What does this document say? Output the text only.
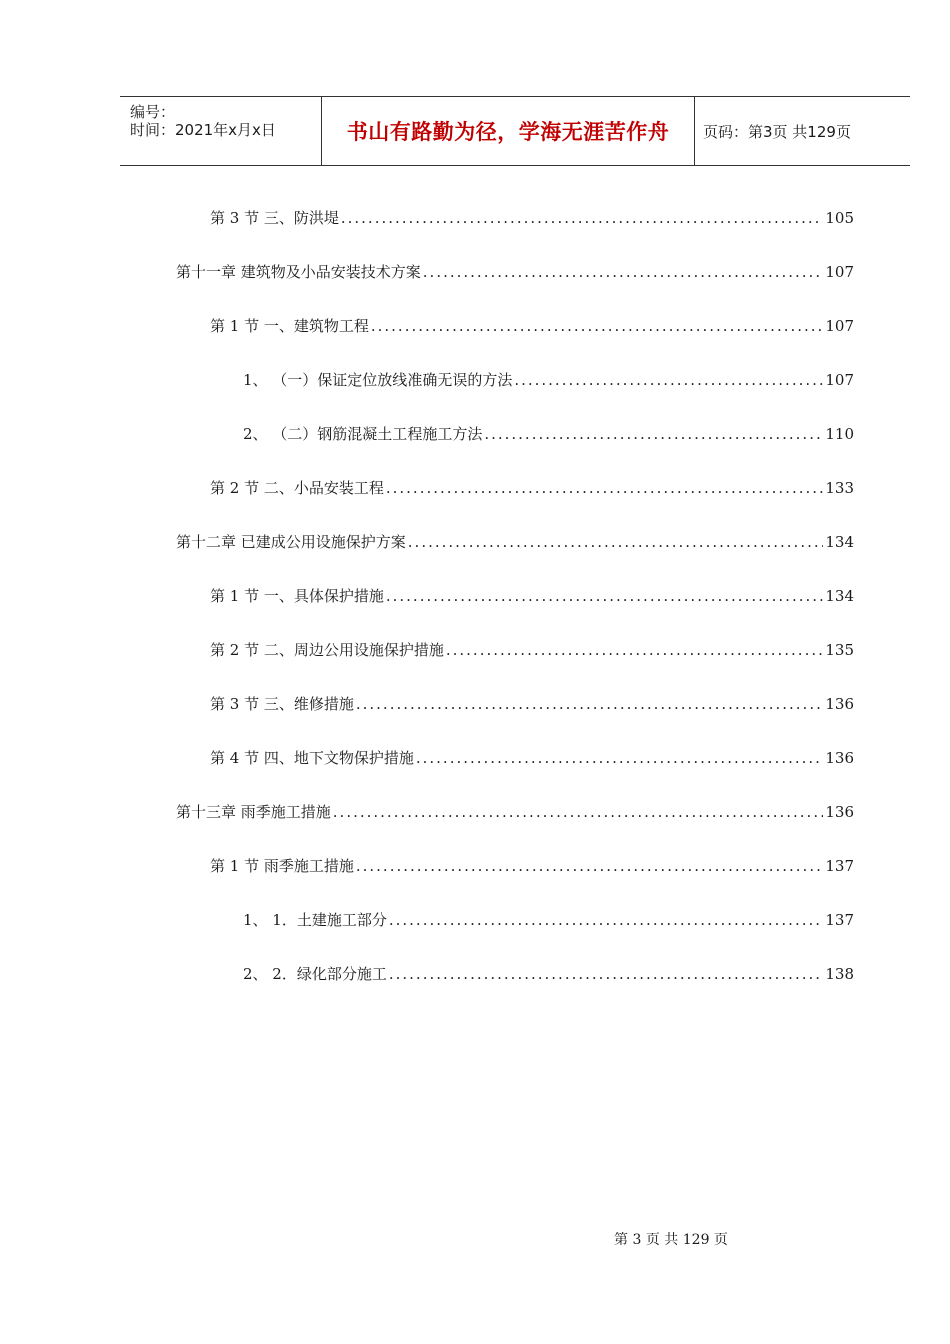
编号：
时间：2021年x月x日	书山有路勤为径，学海无涯苦作舟 页码：第3页 共129页
第 3 节 三、防洪堤 .....	105
第十一章 建筑物及小品安装技术方案 .....	107
第 1 节 一、建筑物工程 .....	107
1、 （一）保证定位放线准确无误的方法 .....	107
2、 （二）钢筋混凝土工程施工方法 .....	110
第 2 节 二、小品安装工程 .....	133
第十二章 已建成公用设施保护方案 .....	134
第 1 节 一、具体保护措施 .....	134
第 2 节 二、周边公用设施保护措施 .....	135
第 3 节 三、维修措施 .....	136
第 4 节 四、地下文物保护措施 .....	136
第十三章 雨季施工措施 .....	136
第 1 节 雨季施工措施 .....	137
1、 1．土建施工部分 .....	137
2、 2．绿化部分施工 .....	138
第 3 页 共 129 页
